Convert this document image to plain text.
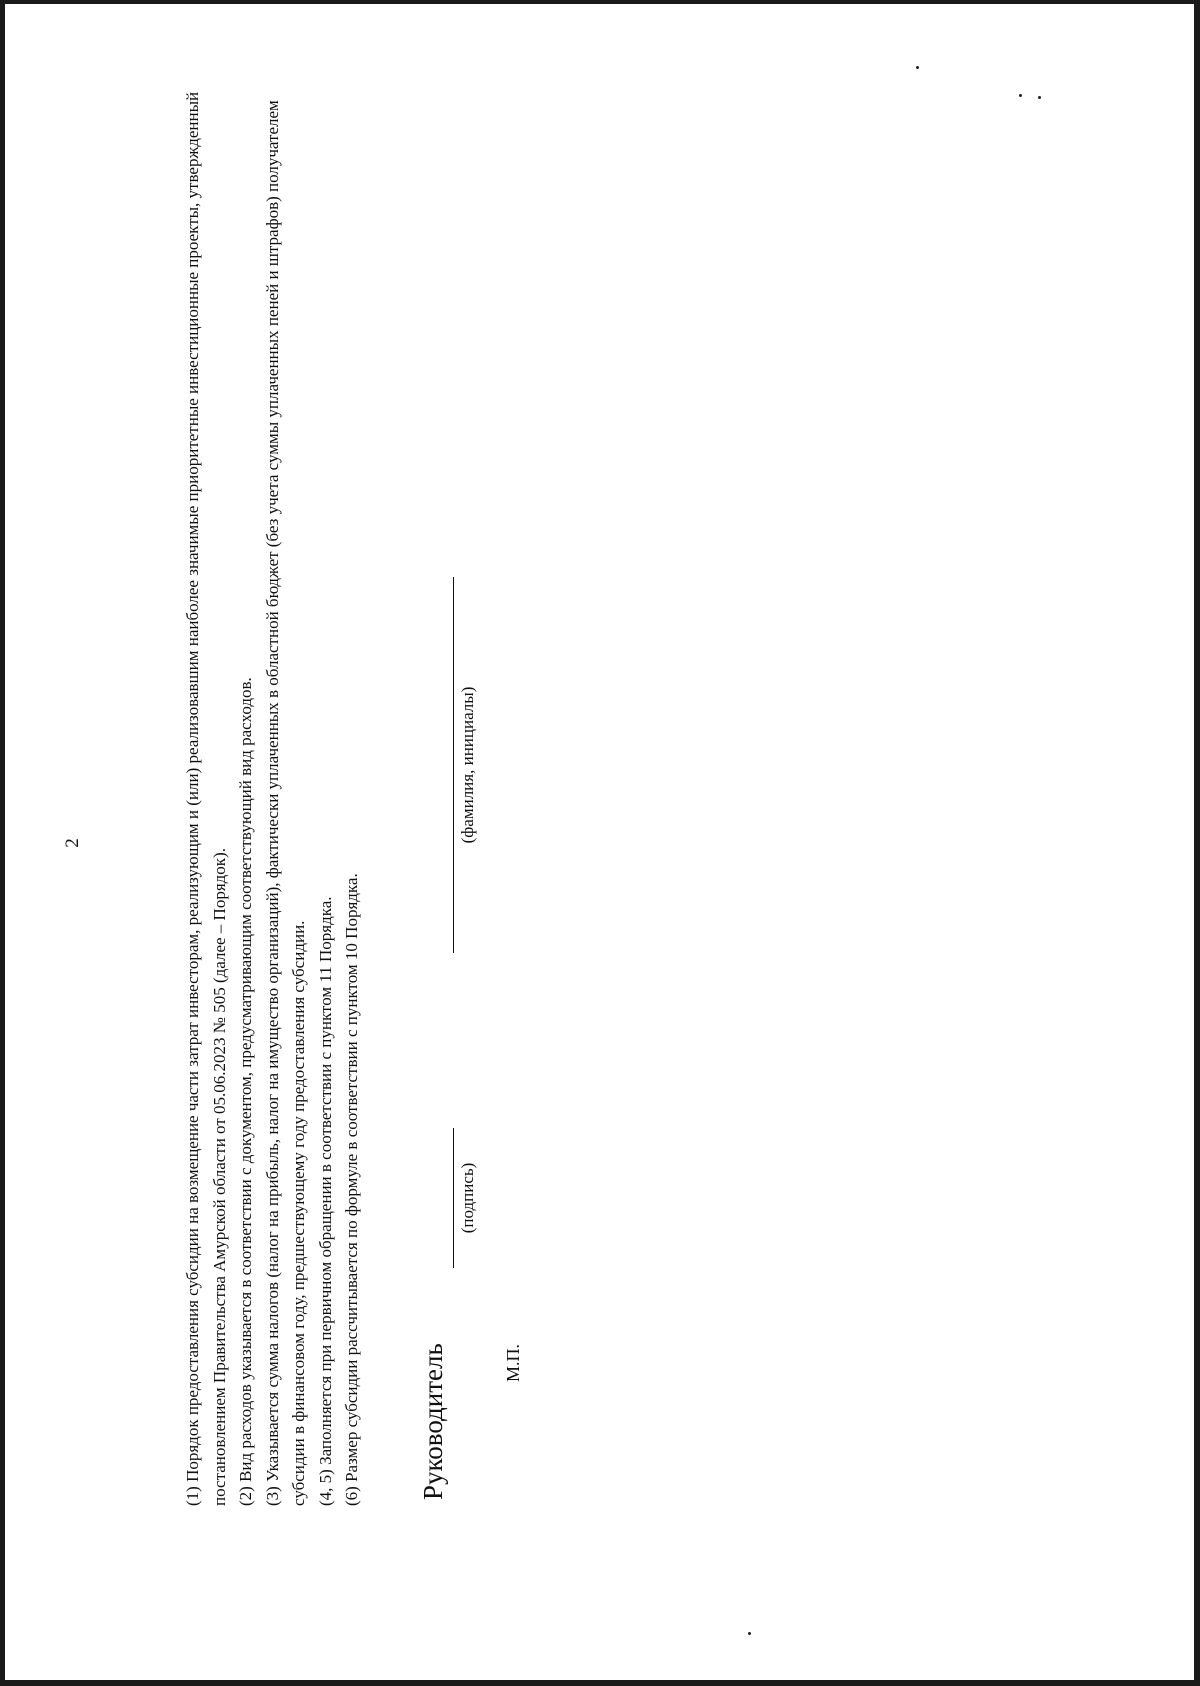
2	(1) Порядок предоставления субсидии на возмещение части затрат инвесторам, реализующим и (или) реализовавшим наиболее значимые приоритетные инвестиционные проекты, утвержденный постановлением Правительства Амурской области от 05.06.2023 № 505 (далее – Порядок). (2) Вид расходов указывается в соответствии с документом, предусматривающим соответствующий вид расходов. (3) Указывается сумма налогов (налог на прибыль, налог на имущество организаций), фактически уплаченных в областной бюджет (без учета суммы уплаченных пеней и штрафов) получателем субсидии в финансовом году, предшествующему году предоставления субсидии. (4, 5) Заполняется при первичном обращении в соответствии с пунктом 11 Порядка. (6) Размер субсидии рассчитывается по формуле в соответствии с пунктом 10 Порядка. Руководитель
(подпись)
(фамилия, инициалы)
М.П.
